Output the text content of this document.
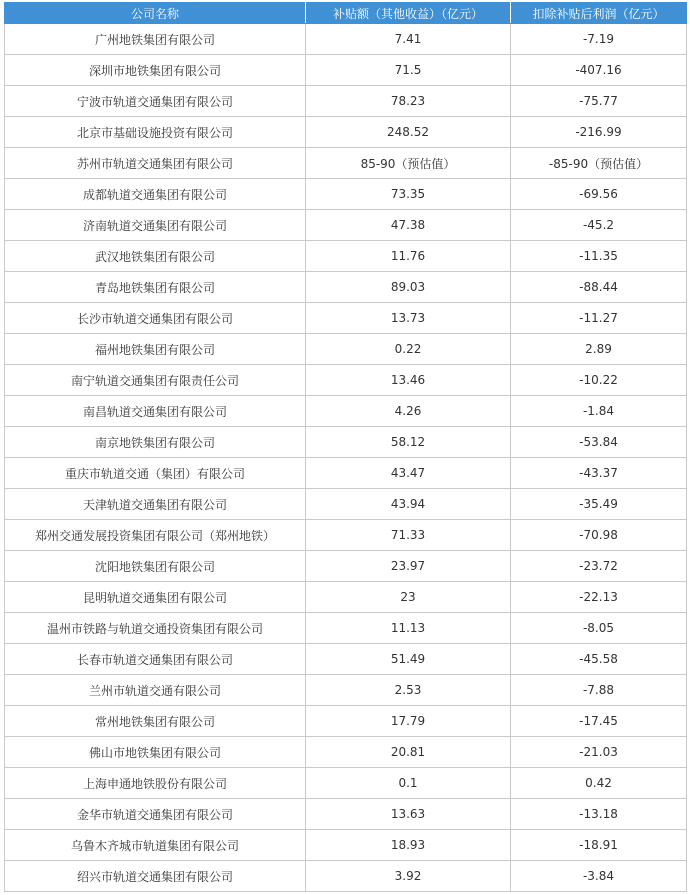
公司名称	补贴额（其他收益）（亿元）	扣除补贴后利润（亿元）
广州地铁集团有限公司	7.41	-7.19
深圳市地铁集团有限公司	71.5	-407.16
宁波市轨道交通集团有限公司	78.23	-75.77
北京市基础设施投资有限公司	248.52	-216.99
苏州市轨道交通集团有限公司	85-90（预估值）	-85-90（预估值）
成都轨道交通集团有限公司	73.35	-69.56
济南轨道交通集团有限公司	47.38	-45.2
武汉地铁集团有限公司	11.76	-11.35
青岛地铁集团有限公司	89.03	-88.44
长沙市轨道交通集团有限公司	13.73	-11.27
福州地铁集团有限公司	0.22	2.89
南宁轨道交通集团有限责任公司	13.46	-10.22
南昌轨道交通集团有限公司	4.26	-1.84
南京地铁集团有限公司	58.12	-53.84
重庆市轨道交通（集团）有限公司	43.47	-43.37
天津轨道交通集团有限公司	43.94	-35.49
郑州交通发展投资集团有限公司（郑州地铁）	71.33	-70.98
沈阳地铁集团有限公司	23.97	-23.72
昆明轨道交通集团有限公司	23	-22.13
温州市铁路与轨道交通投资集团有限公司	11.13	-8.05
长春市轨道交通集团有限公司	51.49	-45.58
兰州市轨道交通有限公司	2.53	-7.88
常州地铁集团有限公司	17.79	-17.45
佛山市地铁集团有限公司	20.81	-21.03
上海申通地铁股份有限公司	0.1	0.42
金华市轨道交通集团有限公司	13.63	-13.18
乌鲁木齐城市轨道集团有限公司	18.93	-18.91
绍兴市轨道交通集团有限公司	3.92	-3.84
